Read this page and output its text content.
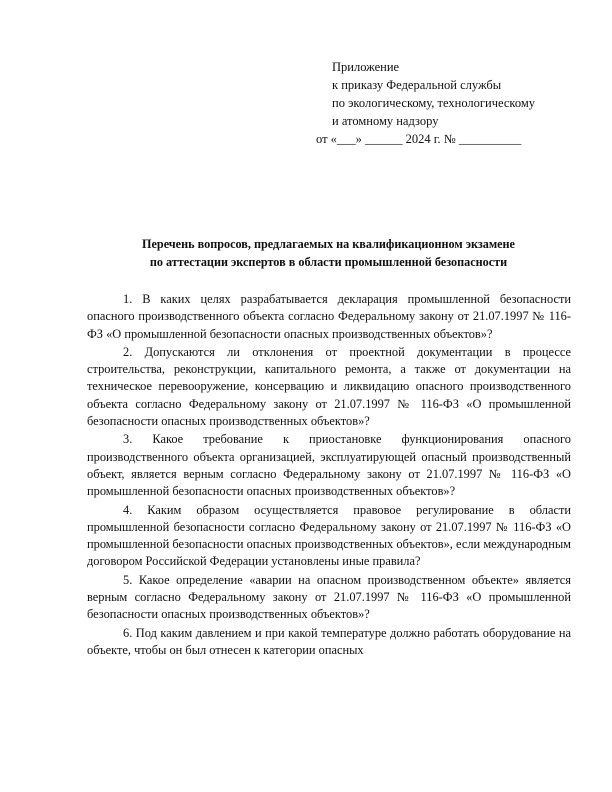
Приложение
к приказу Федеральной службы
по экологическому, технологическому
и атомному надзору
от «___» ______ 2024 г. № __________
Перечень вопросов, предлагаемых на квалификационном экзамене
по аттестации экспертов в области промышленной безопасности

1. В каких целях разрабатывается декларация промышленной безопасности опасного производственного объекта согласно Федеральному закону от 21.07.1997 № 116-ФЗ «О промышленной безопасности опасных производственных объектов»?

2. Допускаются ли отклонения от проектной документации в процессе строительства, реконструкции, капитального ремонта, а также от документации на техническое перевооружение, консервацию и ликвидацию опасного производственного объекта согласно Федеральному закону от 21.07.1997 № 116-ФЗ «О промышленной безопасности опасных производственных объектов»?

3. Какое требование к приостановке функционирования опасного производственного объекта организацией, эксплуатирующей опасный производственный объект, является верным согласно Федеральному закону от 21.07.1997 № 116-ФЗ «О промышленной безопасности опасных производственных объектов»?

4. Каким образом осуществляется правовое регулирование в области промышленной безопасности согласно Федеральному закону от 21.07.1997 № 116-ФЗ «О промышленной безопасности опасных производственных объектов», если международным договором Российской Федерации установлены иные правила?

5. Какое определение «аварии на опасном производственном объекте» является верным согласно Федеральному закону от 21.07.1997 № 116-ФЗ «О промышленной безопасности опасных производственных объектов»?

6. Под каким давлением и при какой температуре должно работать оборудование на объекте, чтобы он был отнесен к категории опасных
